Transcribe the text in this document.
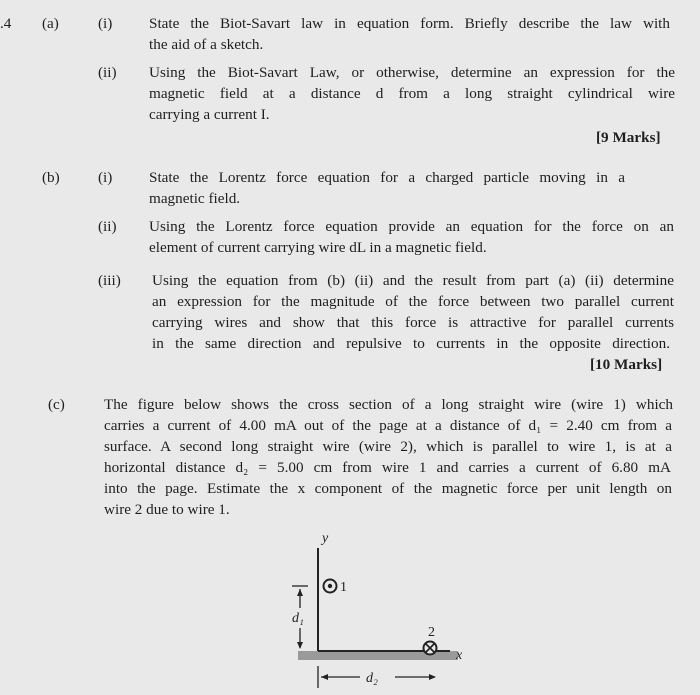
.4 (a)	(i) State the Biot-Savart law in equation form. Briefly describe the law with
the aid of a sketch.
(ii) Using the Biot-Savart Law, or otherwise, determine an expression for the
magnetic field at a distance d from a long straight cylindrical wire
carrying a current I.
[9 Marks]
(b)	(i) State the Lorentz force equation for a charged particle moving in a
magnetic field.
(ii) Using the Lorentz force equation provide an equation for the force on an
element of current carrying wire dL in a magnetic field.
(iii) Using the equation from (b) (ii) and the result from part (a) (ii) determine
an expression for the magnitude of the force between two parallel current
carrying wires and show that this force is attractive for parallel currents
in the same direction and repulsive to currents in the opposite direction.
[10 Marks]
(c)	The figure below shows the cross section of a long straight wire (wire 1) which
carries a current of 4.00 mA out of the page at a distance of d₁ = 2.40 cm from a
surface. A second long straight wire (wire 2), which is parallel to wire 1, is at a
horizontal distance d₂ = 5.00 cm from wire 1 and carries a current of 6.80 mA
into the page. Estimate the x component of the magnetic force per unit length on
wire 2 due to wire 1.
y
x
1
2
d₁
d₂
